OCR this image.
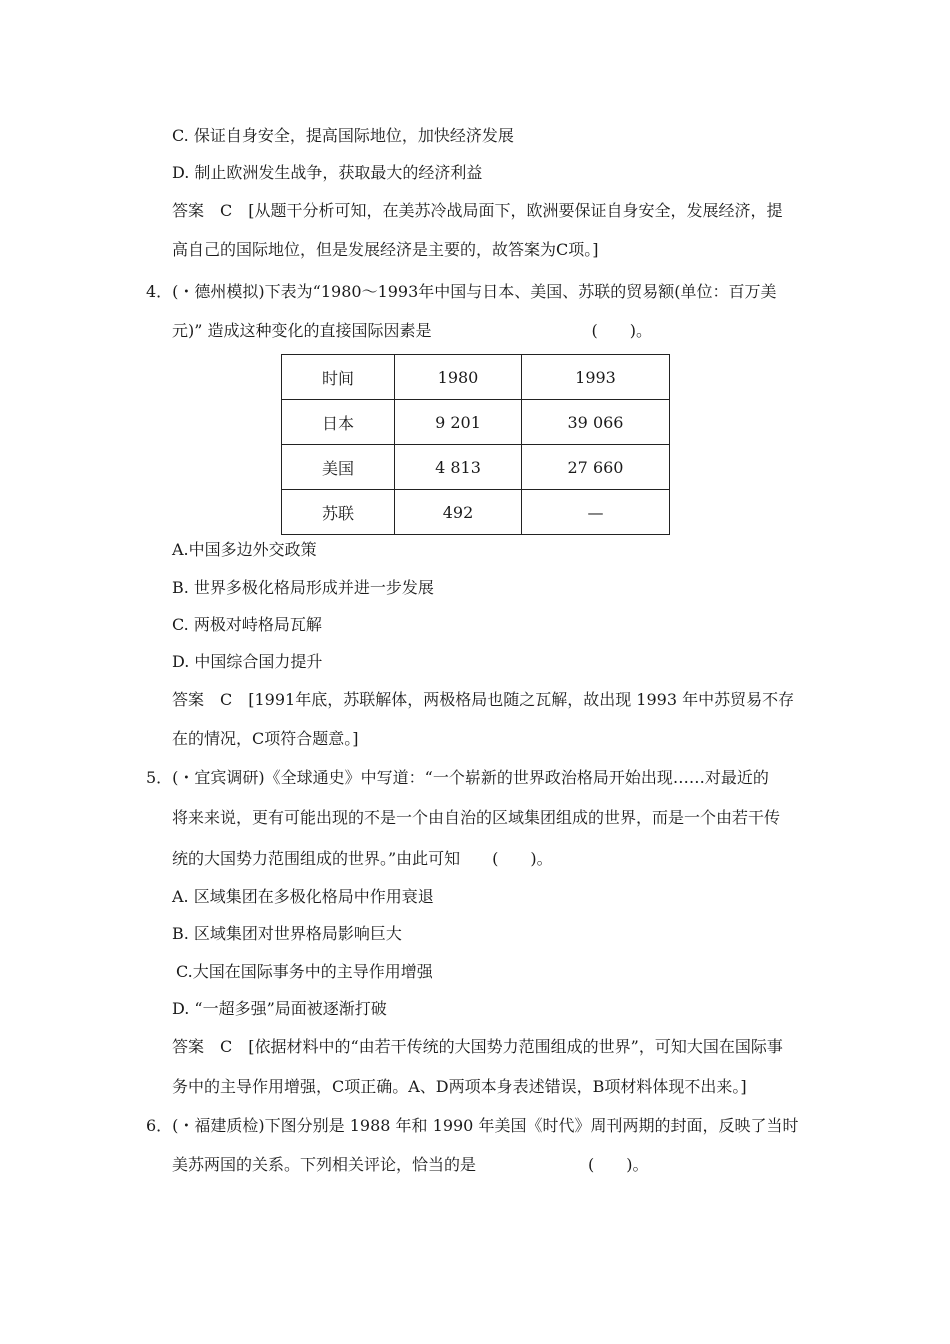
C. 保证自身安全，提高国际地位，加快经济发展
D. 制止欧洲发生战争，获取最大的经济利益
答案　C　[从题干分析可知，在美苏冷战局面下，欧洲要保证自身安全，发展经济，提
高自己的国际地位，但是发展经济是主要的，故答案为C项。]
4．(・德州模拟)下表为“1980～1993年中国与日本、美国、苏联的贸易额(单位：百万美
元)” 造成这种变化的直接国际因素是　　　　　　　　　　(　　)。
时间	1980	1993
日本	9 201	39 066
美国	4 813	27 660
苏联	492	—
A.中国多边外交政策
B. 世界多极化格局形成并进一步发展
C. 两极对峙格局瓦解
D. 中国综合国力提升
答案　C　[1991年底，苏联解体，两极格局也随之瓦解，故出现 1993 年中苏贸易不存
在的情况，C项符合题意。]
5．(・宜宾调研)《全球通史》中写道：“一个崭新的世界政治格局开始出现……对最近的
将来来说，更有可能出现的不是一个由自治的区域集团组成的世界，而是一个由若干传
统的大国势力范围组成的世界。”由此可知　　(　　)。
A. 区域集团在多极化格局中作用衰退
B. 区域集团对世界格局影响巨大
C.大国在国际事务中的主导作用增强
D. “一超多强”局面被逐渐打破
答案　C　[依据材料中的“由若干传统的大国势力范围组成的世界”，可知大国在国际事
务中的主导作用增强，C项正确。A、D两项本身表述错误，B项材料体现不出来。]
6．(・福建质检)下图分别是 1988 年和 1990 年美国《时代》周刊两期的封面，反映了当时
美苏两国的关系。下列相关评论，恰当的是　　　　　　　(　　)。
